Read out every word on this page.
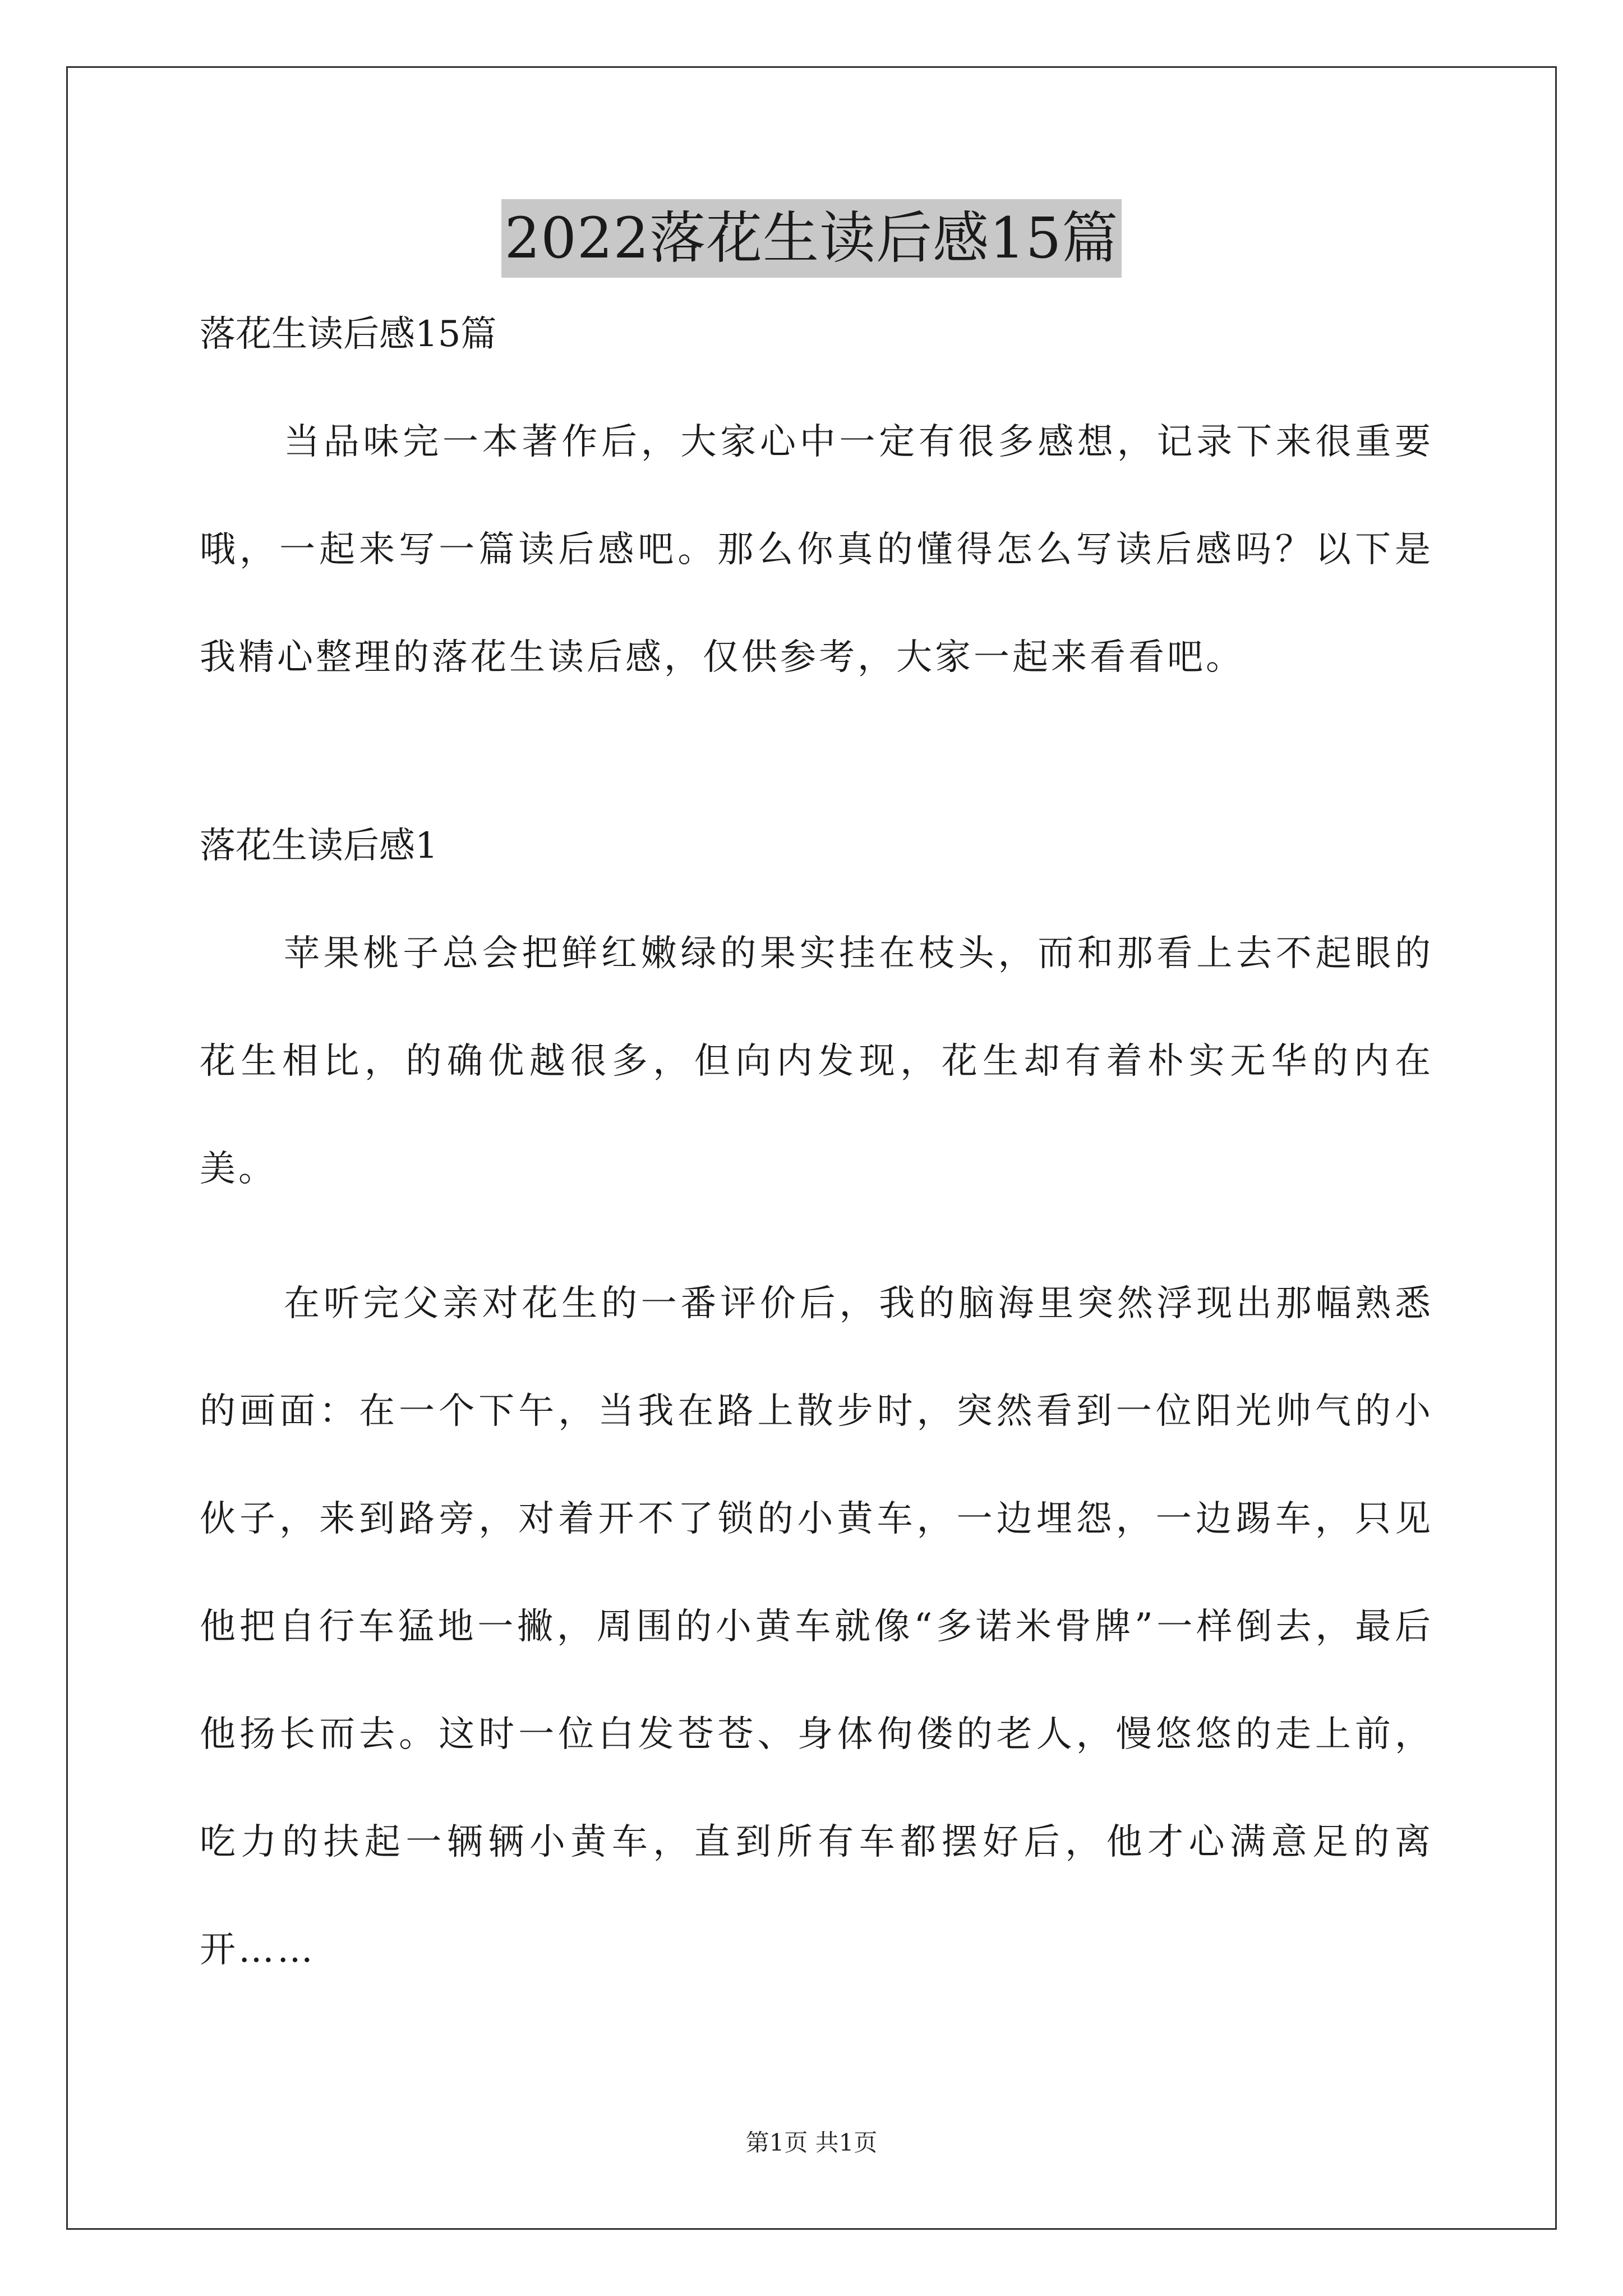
2022落花生读后感15篇

落花生读后感15篇

当品味完一本著作后，大家心中一定有很多感想，记录下来很重要哦，一起来写一篇读后感吧。那么你真的懂得怎么写读后感吗？以下是我精心整理的落花生读后感，仅供参考，大家一起来看看吧。

落花生读后感1

苹果桃子总会把鲜红嫩绿的果实挂在枝头，而和那看上去不起眼的花生相比，的确优越很多，但向内发现，花生却有着朴实无华的内在美。

在听完父亲对花生的一番评价后，我的脑海里突然浮现出那幅熟悉的画面：在一个下午，当我在路上散步时，突然看到一位阳光帅气的小伙子，来到路旁，对着开不了锁的小黄车，一边埋怨，一边踢车，只见他把自行车猛地一撇，周围的小黄车就像“多诺米骨牌”一样倒去，最后他扬长而去。这时一位白发苍苍、身体佝偻的老人，慢悠悠的走上前，吃力的扶起一辆辆小黄车，直到所有车都摆好后，他才心满意足的离开……

第1页 共1页
